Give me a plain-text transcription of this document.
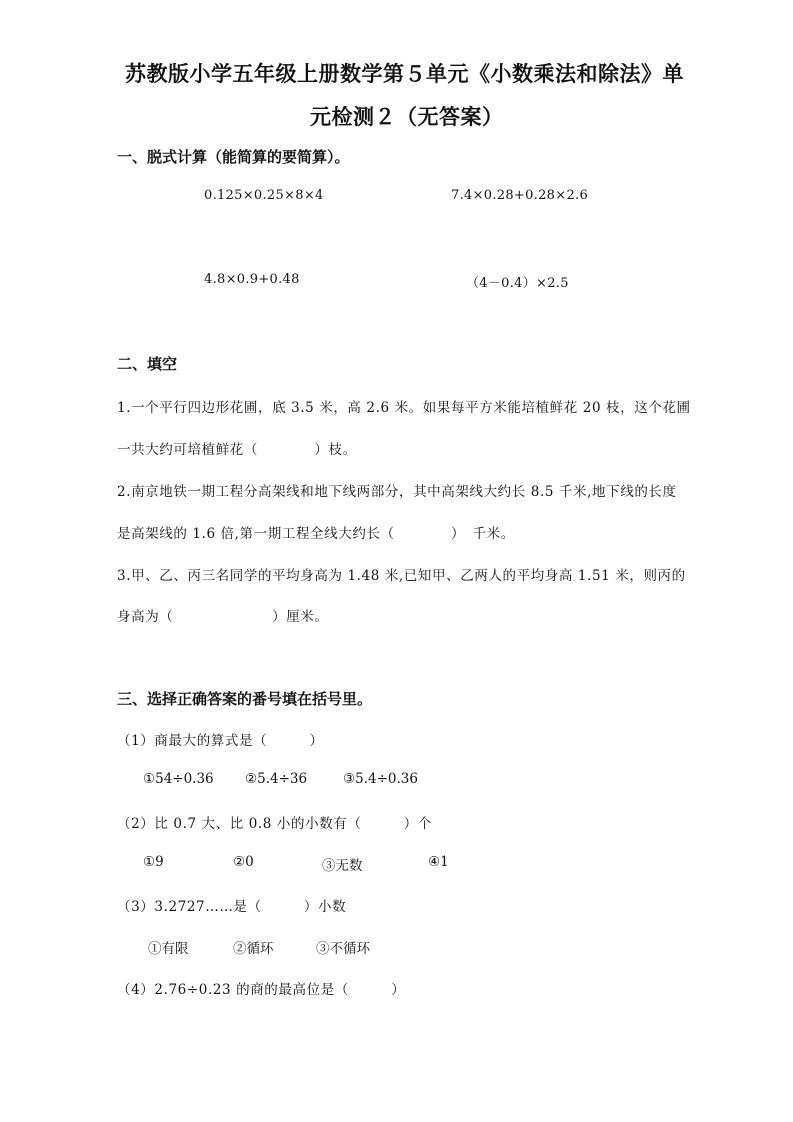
苏教版小学五年级上册数学第５单元《小数乘法和除法》单
元检测２（无答案）
一、脱式计算（能简算的要简算）。
0.125×0.25×8×4	7.4×0.28+0.28×2.6
4.8×0.9+0.48	（4－0.4）×2.5
二、填空
1.一个平行四边形花圃，底 3.5 米，高 2.6 米。如果每平方米能培植鲜花 20 枝，这个花圃
一共大约可培植鲜花（　　　　）枝。
2.南京地铁一期工程分高架线和地下线两部分，其中高架线大约长 8.5 千米,地下线的长度
是高架线的 1.6 倍,第一期工程全线大约长（　　　　）　千米。
3.甲、乙、丙三名同学的平均身高为 1.48 米,已知甲、乙两人的平均身高 1.51 米，则丙的
身高为（　　　　　　　）厘米。
三、选择正确答案的番号填在括号里。
（1）商最大的算式是（　　　）
①54÷0.36 ②5.4÷36	③5.4÷0.36
（2）比 0.7 大、比 0.8 小的小数有（　　　）个
①9	②0	③无数	④1
（3）3.2727……是（　　　）小数
①有限	②循环	③不循环
（4）2.76÷0.23 的商的最高位是（　　　）
